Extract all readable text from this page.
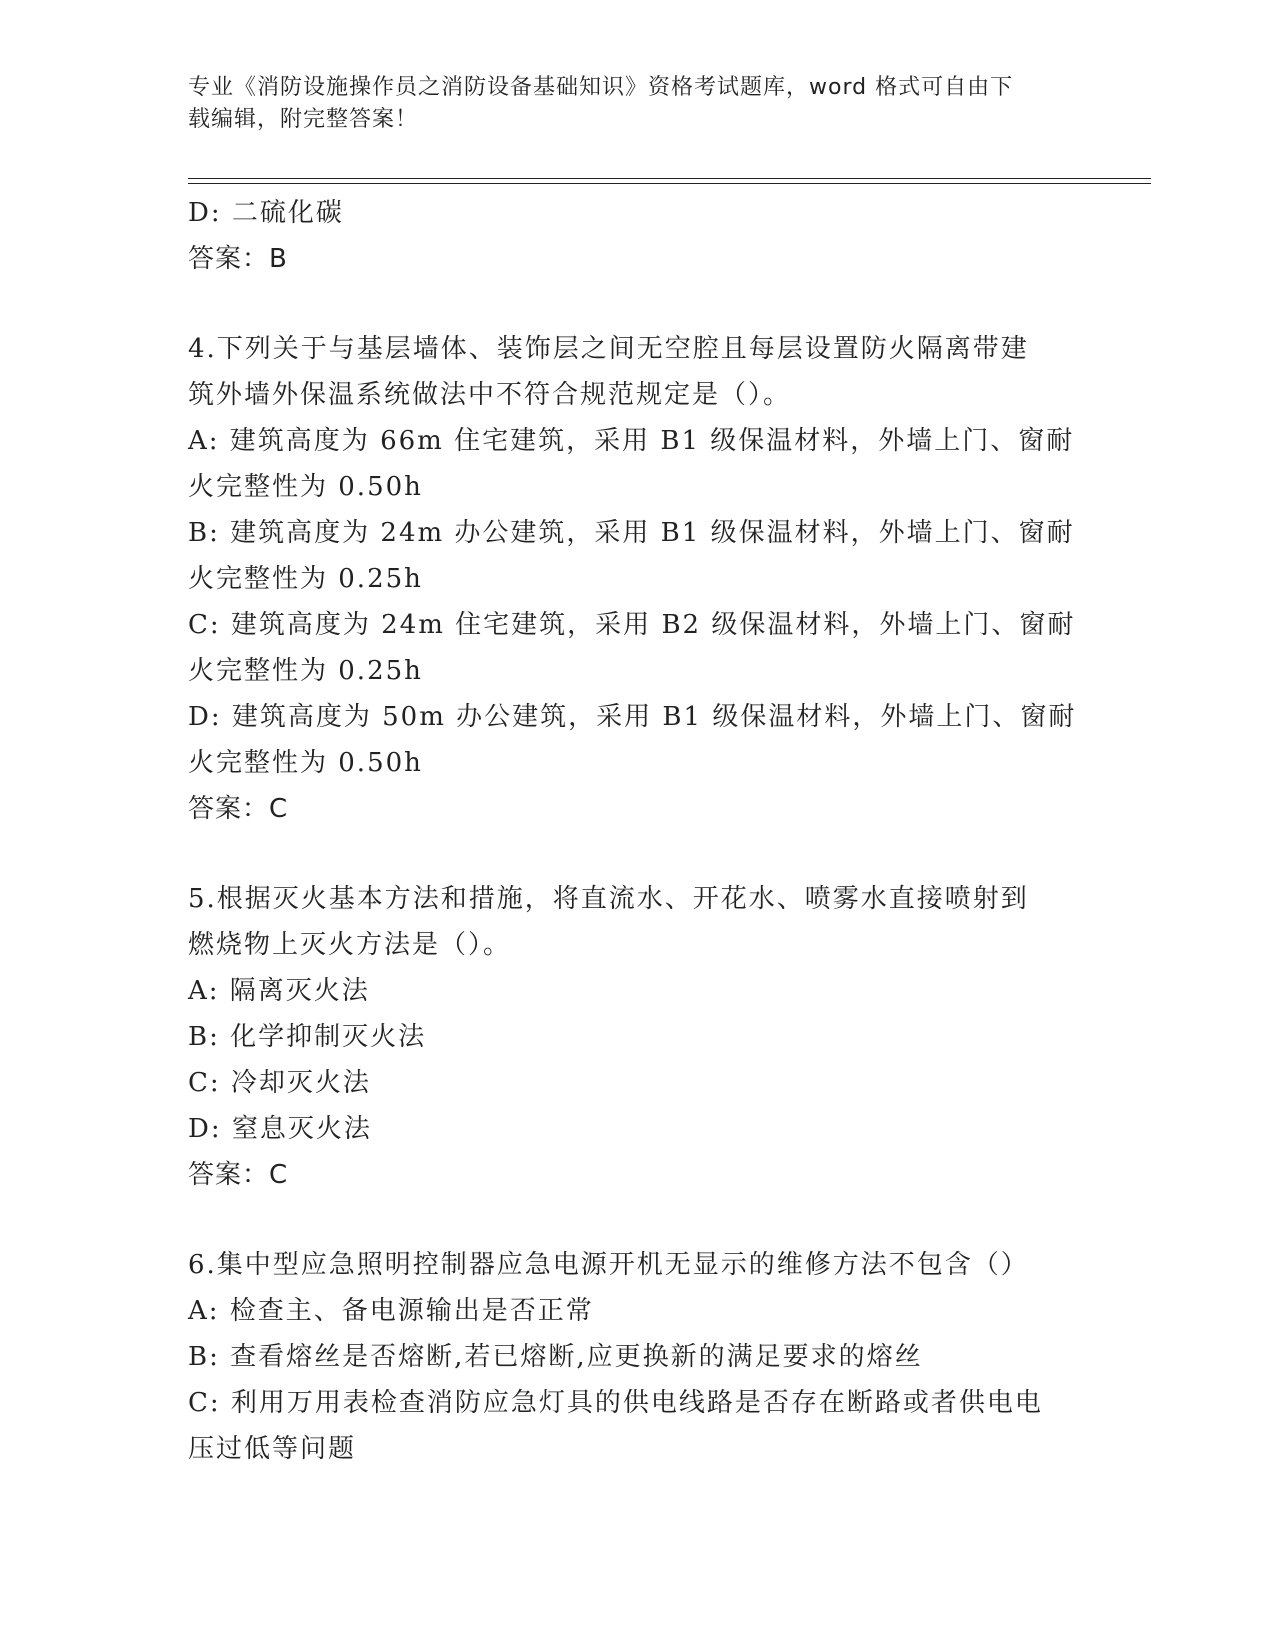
专业《消防设施操作员之消防设备基础知识》资格考试题库，word 格式可自由下
载编辑，附完整答案！
D: 二硫化碳
答案：B
4.下列关于与基层墙体、装饰层之间无空腔且每层设置防火隔离带建
筑外墙外保温系统做法中不符合规范规定是（）。
A: 建筑高度为 66m 住宅建筑，采用 B1 级保温材料，外墙上门、窗耐
火完整性为 0.50h
B: 建筑高度为 24m 办公建筑，采用 B1 级保温材料，外墙上门、窗耐
火完整性为 0.25h
C: 建筑高度为 24m 住宅建筑，采用 B2 级保温材料，外墙上门、窗耐
火完整性为 0.25h
D: 建筑高度为 50m 办公建筑，采用 B1 级保温材料，外墙上门、窗耐
火完整性为 0.50h
答案：C
5.根据灭火基本方法和措施，将直流水、开花水、喷雾水直接喷射到
燃烧物上灭火方法是（）。
A: 隔离灭火法
B: 化学抑制灭火法
C: 冷却灭火法
D: 窒息灭火法
答案：C
6.集中型应急照明控制器应急电源开机无显示的维修方法不包含（）
A: 检查主、备电源输出是否正常
B: 查看熔丝是否熔断,若已熔断,应更换新的满足要求的熔丝
C: 利用万用表检查消防应急灯具的供电线路是否存在断路或者供电电
压过低等问题
